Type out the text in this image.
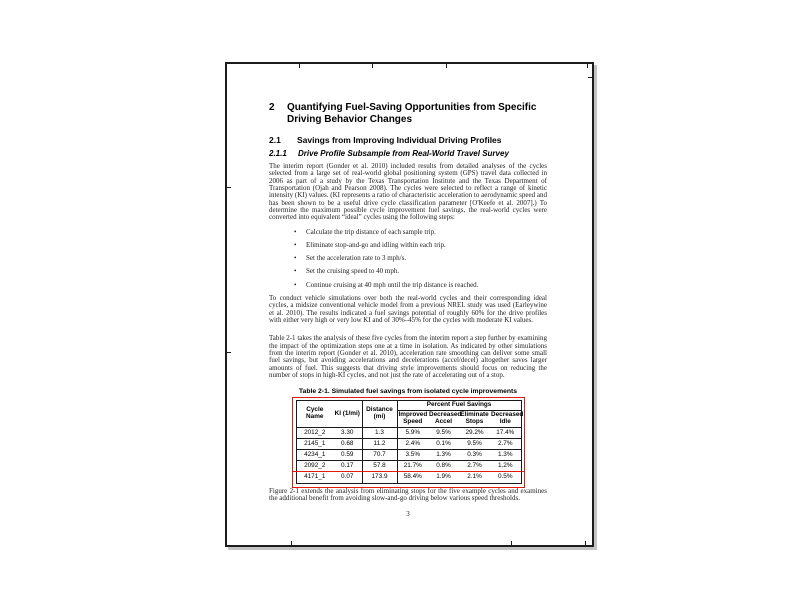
2	Quantifying Fuel-Saving Opportunities from Specific Driving Behavior Changes
2.1	Savings from Improving Individual Driving Profiles
2.1.1	Drive Profile Subsample from Real-World Travel Survey

The interim report (Gonder et al. 2010) included results from detailed analyses of the cycles selected from a large set of real-world global positioning system (GPS) travel data collected in 2006 as part of a study by the Texas Transportation Institute and the Texas Department of Transportation (Ojah and Pearson 2008). The cycles were selected to reflect a range of kinetic intensity (KI) values. (KI represents a ratio of characteristic acceleration to aerodynamic speed and has been shown to be a useful drive cycle classification parameter [O'Keefe et al. 2007].) To determine the maximum possible cycle improvement fuel savings, the real-world cycles were converted into equivalent “ideal” cycles using the following steps:

• Calculate the trip distance of each sample trip.
• Eliminate stop-and-go and idling within each trip.
• Set the acceleration rate to 3 mph/s.
• Set the cruising speed to 40 mph.
• Continue cruising at 40 mph until the trip distance is reached.

To conduct vehicle simulations over both the real-world cycles and their corresponding ideal cycles, a midsize conventional vehicle model from a previous NREL study was used (Earleywine et al. 2010). The results indicated a fuel savings potential of roughly 60% for the drive profiles with either very high or very low KI and of 30%–45% for the cycles with moderate KI values.

Table 2-1 takes the analysis of these five cycles from the interim report a step further by examining the impact of the optimization steps one at a time in isolation. As indicated by other simulations from the interim report (Gonder et al. 2010), acceleration rate smoothing can deliver some small fuel savings, but avoiding accelerations and decelerations (accel/decel) altogether saves larger amounts of fuel. This suggests that driving style improvements should focus on reducing the number of stops in high-KI cycles, and not just the rate of accelerating out of a stop.

Table 2-1. Simulated fuel savings from isolated cycle improvements
Cycle Name	KI (1/mi)	Distance (mi)	Percent Fuel Savings			
			Improved Speed	Decreased Accel	Eliminate Stops	Decreased Idle
2012_2	3.30	1.3	5.9%	9.5%	29.2%	17.4%
2145_1	0.68	11.2	2.4%	0.1%	9.5%	2.7%
4234_1	0.59	70.7	3.5%	1.3%	0.3%	1.3%
2092_2	0.17	57.8	21.7%	0.8%	2.7%	1.2%
4171_1	0.07	173.9	58.4%	1.9%	2.1%	0.5%

Figure 2-1 extends the analysis from eliminating stops for the five example cycles and examines the additional benefit from avoiding slow-and-go driving below various speed thresholds.

3
